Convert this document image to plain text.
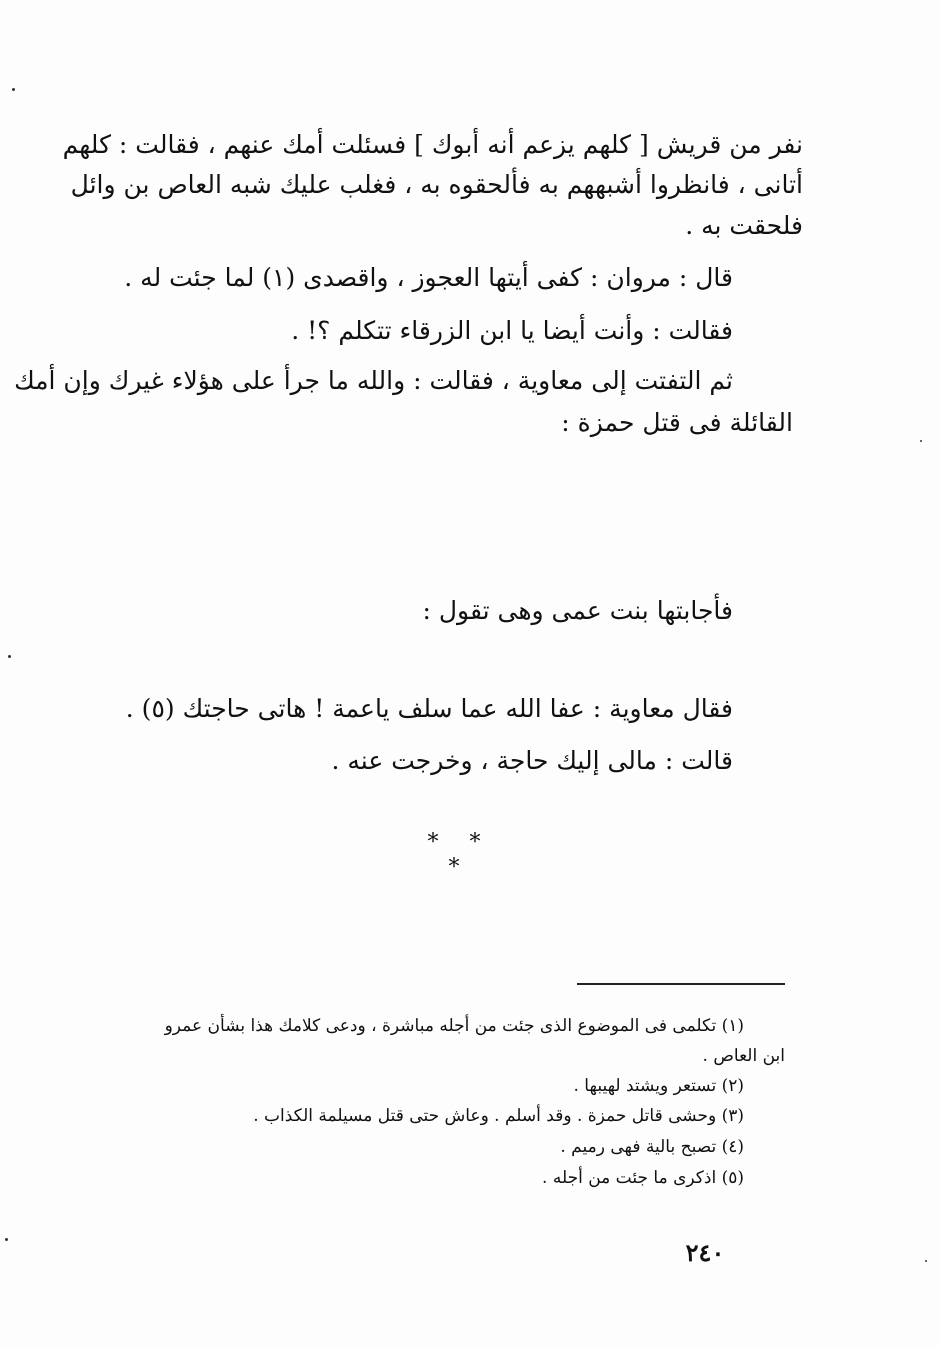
نفر من قريش [ كلهم يزعم أنه أبوك ] فسئلت أمك عنهم ، فقالت : كلهم
أتانى ، فانظروا أشبههم به فألحقوه به ، فغلب عليك شبه العاص بن وائل
فلحقت به .
قال : مروان : كفى أيتها العجوز ، واقصدى (١) لما جئت له .
فقالت : وأنت أيضا يا ابن الزرقاء تتكلم ؟! .
ثم التفتت إلى معاوية ، فقالت : والله ما جرأ على هؤلاء غيرك وإن أمك
القائلة فى قتل حمزة :
فأجابتها بنت عمى وهى تقول :
فقال معاوية : عفا الله عما سلف ياعمة ! هاتى حاجتك (٥) .
قالت : مالى إليك حاجة ، وخرجت عنه .
* * *
(١) تكلمى فى الموضوع الذى جئت من أجله مباشرة ، ودعى كلامك هذا بشأن عمرو
ابن العاص .
(٢) تستعر ويشتد لهيبها .
(٣) وحشى قاتل حمزة . وقد أسلم . وعاش حتى قتل مسيلمة الكذاب .
(٤) تصبح بالية فهى رميم .
(٥) اذكرى ما جئت من أجله .
٢٤٠
